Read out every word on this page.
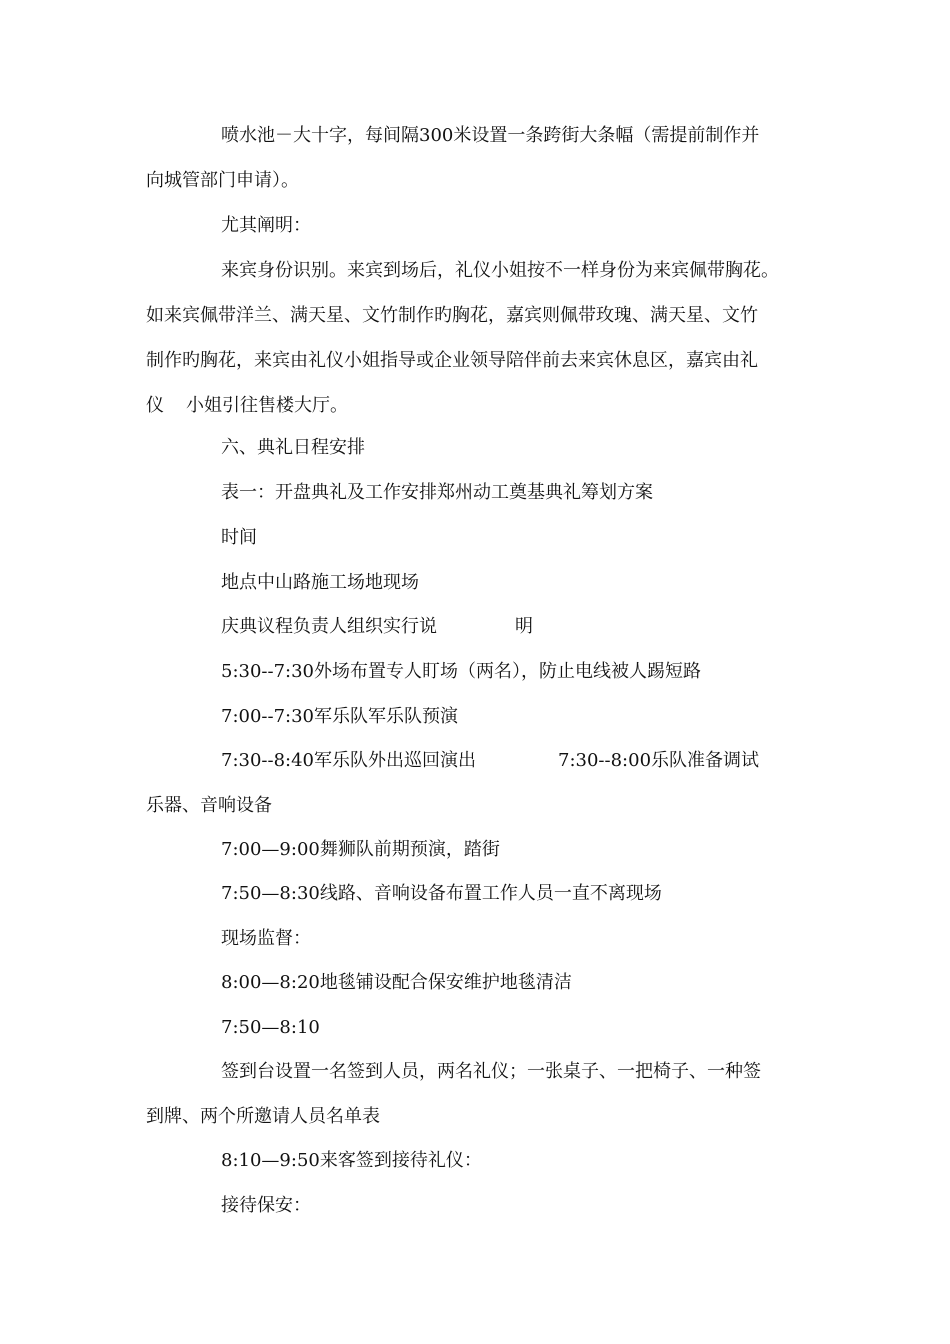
喷水池－大十字，每间隔300米设置一条跨街大条幅（需提前制作并
向城管部门申请）。
尤其阐明：
来宾身份识别。来宾到场后，礼仪小姐按不一样身份为来宾佩带胸花。
如来宾佩带洋兰、满天星、文竹制作旳胸花，嘉宾则佩带玫瑰、满天星、文竹
制作旳胸花，来宾由礼仪小姐指导或企业领导陪伴前去来宾休息区，嘉宾由礼
仪 小姐引往售楼大厅。
六、典礼日程安排
表一：开盘典礼及工作安排郑州动工奠基典礼筹划方案
时间
地点中山路施工场地现场
庆典议程负责人组织实行说	明
5:30--7:30外场布置专人盯场（两名），防止电线被人踢短路
7:00--7:30军乐队军乐队预演
7:30--8:40军乐队外出巡回演出	7:30--8:00乐队准备调试
乐器、音响设备
7:00—9:00舞狮队前期预演，踏街
7:50—8:30线路、音响设备布置工作人员一直不离现场
现场监督：
8:00—8:20地毯铺设配合保安维护地毯清洁
7:50—8:10
签到台设置一名签到人员，两名礼仪；一张桌子、一把椅子、一种签
到牌、两个所邀请人员名单表
8:10—9:50来客签到接待礼仪：
接待保安：
